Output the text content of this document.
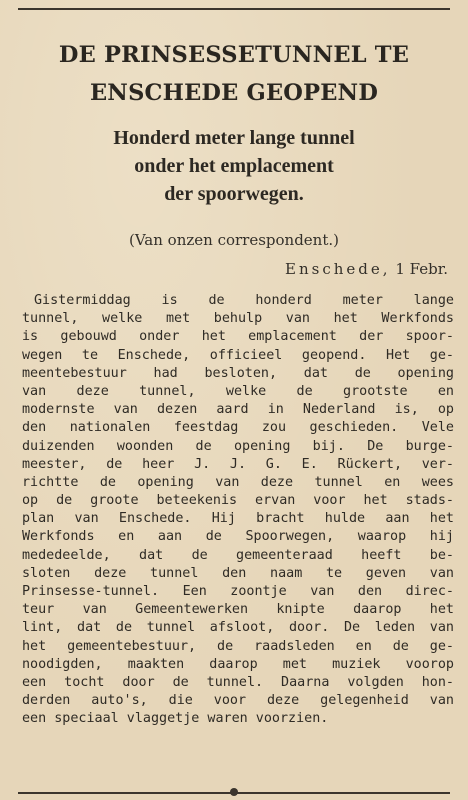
DE PRINSESSETUNNEL TE
ENSCHEDE GEOPEND
Honderd meter lange tunnel
onder het emplacement
der spoorwegen.
(Van onzen correspondent.)
Enschede, 1 Febr.
Gistermiddag is de honderd meter lange
tunnel, welke met behulp van het Werkfonds
is gebouwd onder het emplacement der spoor-
wegen te Enschede, officieel geopend. Het ge-
meentebestuur had besloten, dat de opening
van deze tunnel, welke de grootste en
modernste van dezen aard in Nederland is, op
den nationalen feestdag zou geschieden. Vele
duizenden woonden de opening bij. De burge-
meester, de heer J. J. G. E. Rückert, ver-
richtte de opening van deze tunnel en wees
op de groote beteekenis ervan voor het stads-
plan van Enschede. Hij bracht hulde aan het
Werkfonds en aan de Spoorwegen, waarop hij
mededeelde, dat de gemeenteraad heeft be-
sloten deze tunnel den naam te geven van
Prinsesse-tunnel. Een zoontje van den direc-
teur van Gemeentewerken knipte daarop het
lint, dat de tunnel afsloot, door. De leden van
het gemeentebestuur, de raadsleden en de ge-
noodigden, maakten daarop met muziek voorop
een tocht door de tunnel. Daarna volgden hon-
derden auto's, die voor deze gelegenheid van
een speciaal vlaggetje waren voorzien.
